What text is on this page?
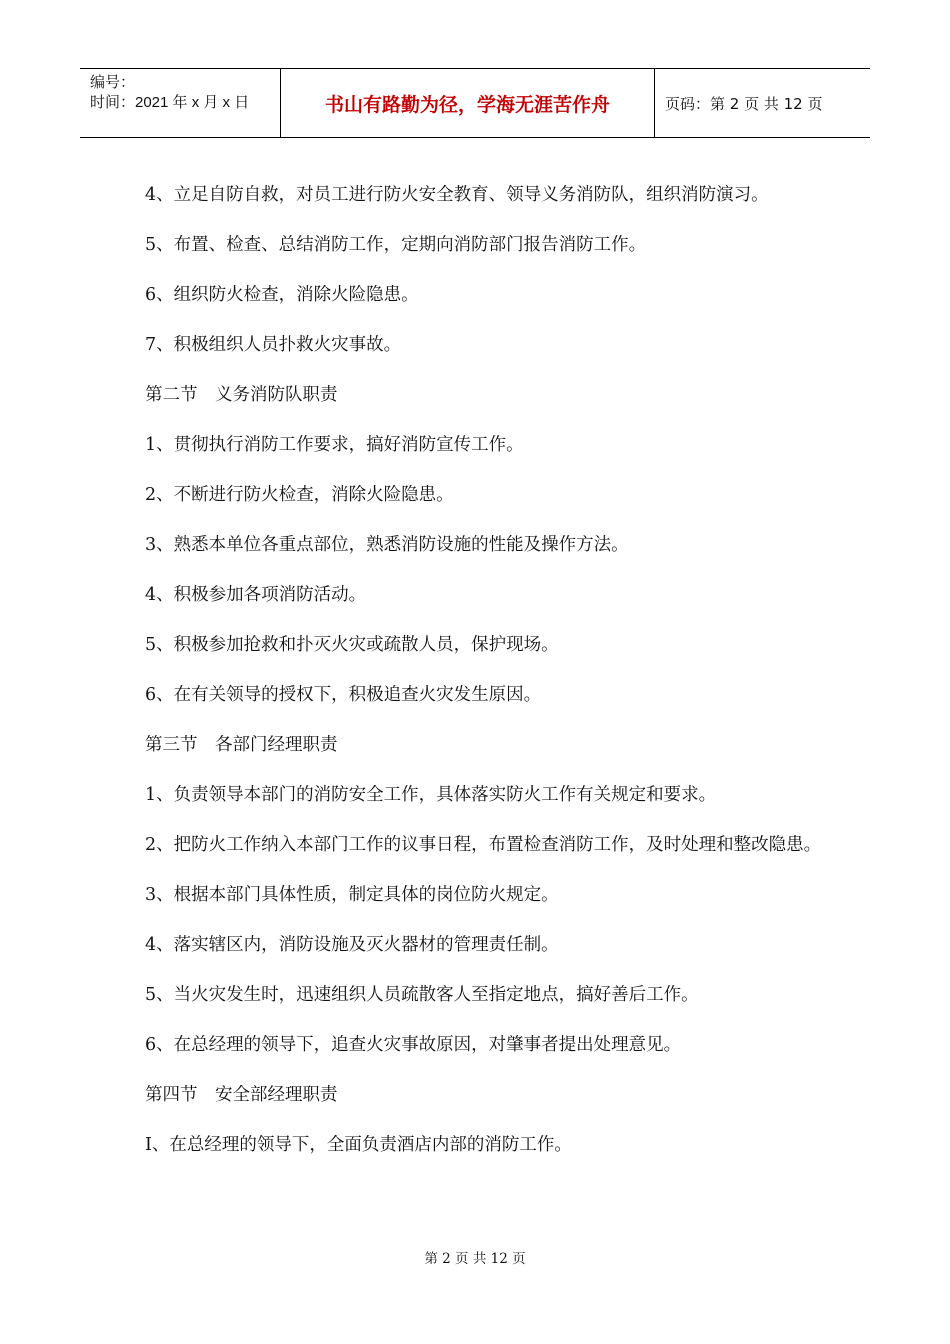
编号：
时间：2021 年 x 月 x 日	书山有路勤为径，学海无涯苦作舟	页码：第 2 页 共 12 页

4、立足自防自救，对员工进行防火安全教育、领导义务消防队，组织消防演习。

5、布置、检查、总结消防工作，定期向消防部门报告消防工作。

6、组织防火检查，消除火险隐患。

7、积极组织人员扑救火灾事故。

第二节　义务消防队职责

1、贯彻执行消防工作要求，搞好消防宣传工作。

2、不断进行防火检查，消除火险隐患。

3、熟悉本单位各重点部位，熟悉消防设施的性能及操作方法。

4、积极参加各项消防活动。

5、积极参加抢救和扑灭火灾或疏散人员，保护现场。

6、在有关领导的授权下，积极追查火灾发生原因。

第三节　各部门经理职责

1、负责领导本部门的消防安全工作，具体落实防火工作有关规定和要求。

2、把防火工作纳入本部门工作的议事日程，布置检查消防工作，及时处理和整改隐患。

3、根据本部门具体性质，制定具体的岗位防火规定。

4、落实辖区内，消防设施及灭火器材的管理责任制。

5、当火灾发生时，迅速组织人员疏散客人至指定地点，搞好善后工作。

6、在总经理的领导下，追查火灾事故原因，对肇事者提出处理意见。

第四节　安全部经理职责

I、在总经理的领导下，全面负责酒店内部的消防工作。

第 2 页 共 12 页
